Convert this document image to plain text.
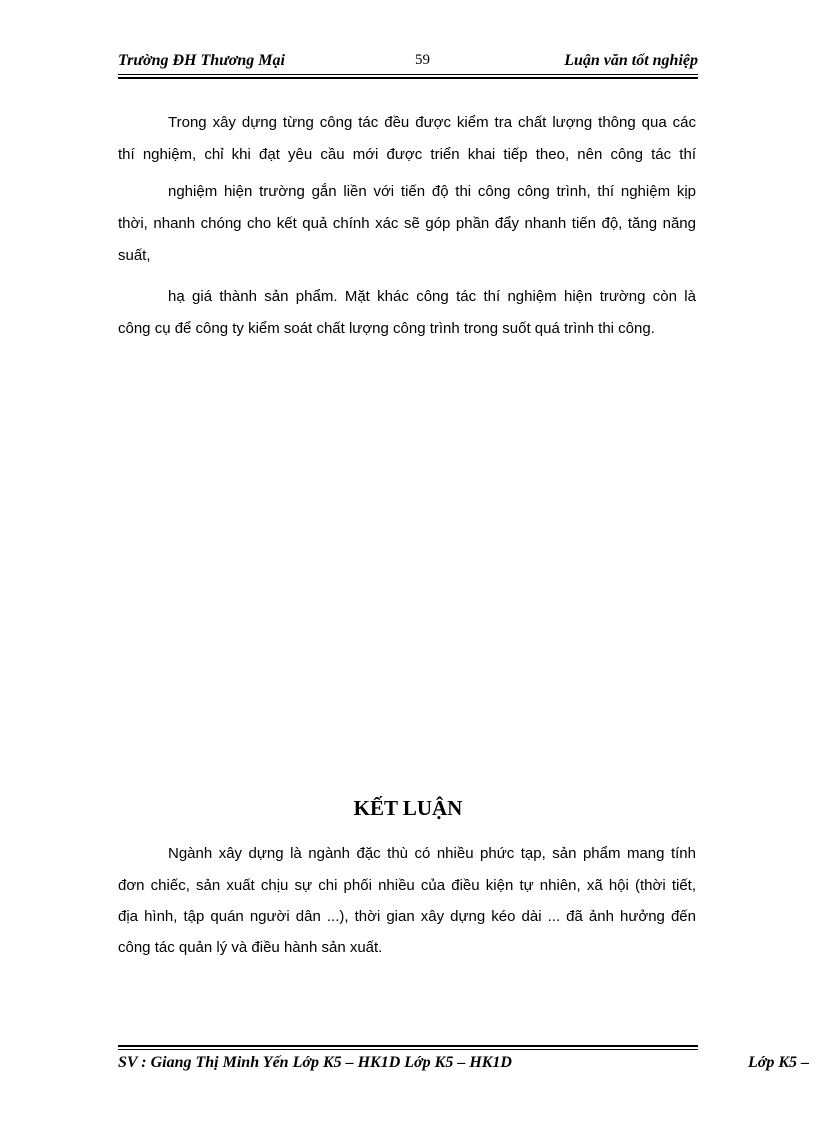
Trường ĐH Thương Mại	59	Luận văn tốt nghiệp
Trong xây dựng từng công tác đều được kiểm tra chất lượng thông qua các
thí nghiệm, chỉ khi đạt yêu cầu mới được triển khai tiếp theo, nên công tác thí
nghiệm hiện trường gắn liền với tiến độ thi công công trình, thí nghiệm kịp
thời, nhanh chóng cho kết quả chính xác sẽ góp phần đẩy nhanh tiến độ, tăng năng
suất,
hạ giá thành sản phẩm. Mặt khác công tác thí nghiệm hiện trường còn là
công cụ để công ty kiểm soát chất lượng công trình trong suốt quá trình thi công.
KẾT LUẬN
Ngành xây dựng là ngành đặc thù có nhiều phức tạp, sản phẩm mang tính
đơn chiếc, sản xuất chịu sự chi phối nhiều của điều kiện tự nhiên, xã hội (thời tiết,
địa hình, tập quán người dân ...), thời gian xây dựng kéo dài ... đã ảnh hưởng đến
công tác quản lý và điều hành sản xuất.
SV : Giang Thị Minh Yến Lớp K5 – HK1D Lớp K5 – HK1D	Lớp K5 –
